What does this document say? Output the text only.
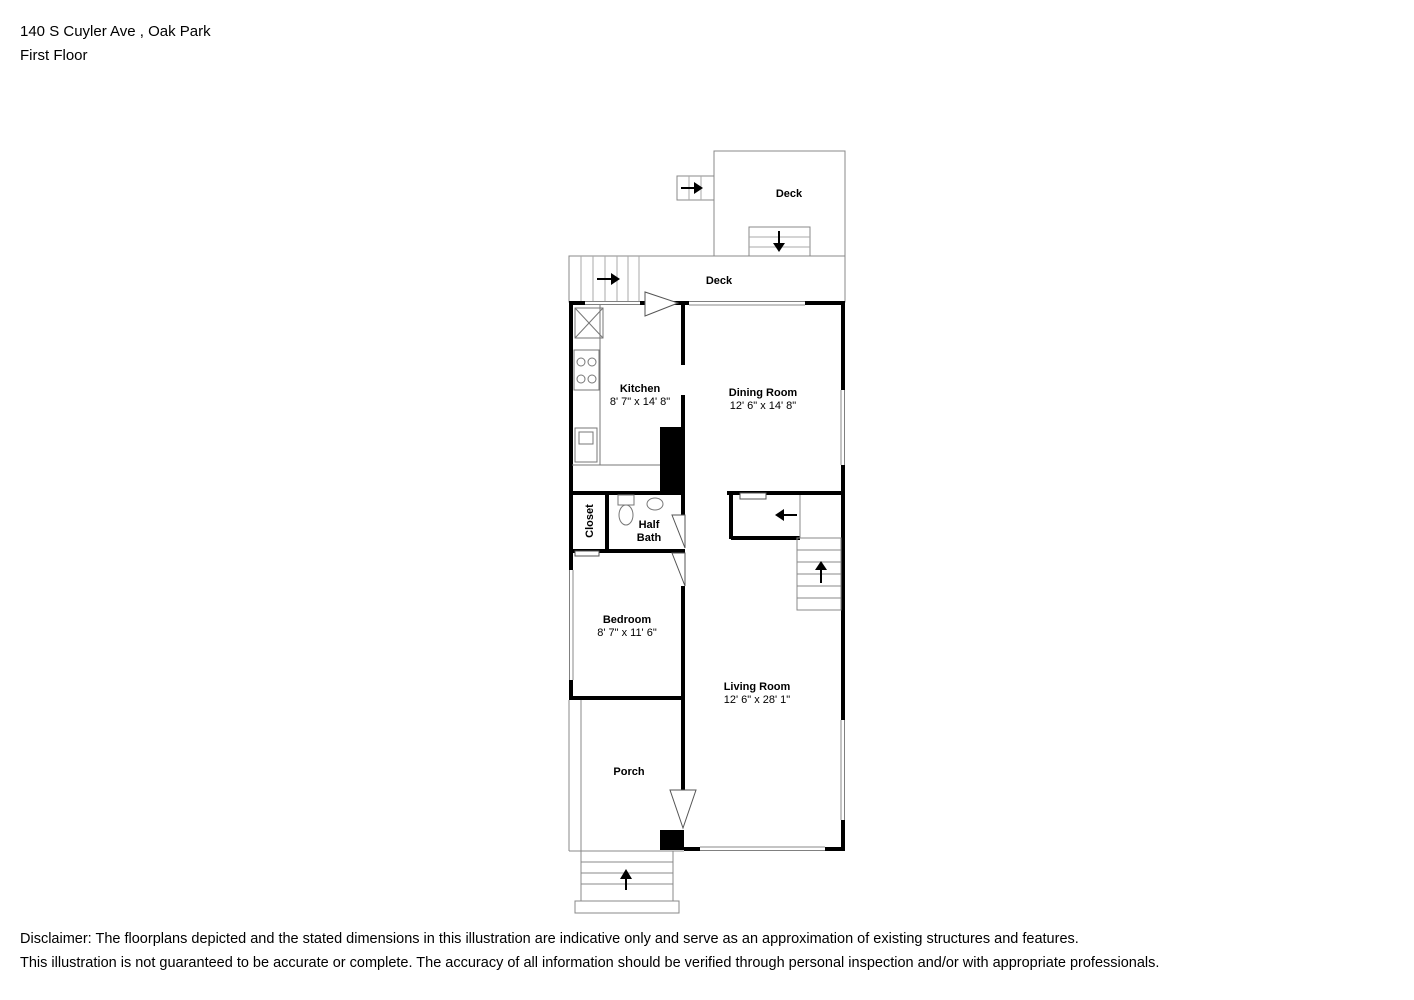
140 S Cuyler Ave , Oak Park
First Floor
Deck
Deck
Kitchen
8' 7" x 14' 8"
Dining Room
12' 6" x 14' 8"
Closet	Half
Bath
Bedroom
8' 7" x 11' 6"
Living Room
12' 6" x 28' 1"
Porch
Disclaimer: The floorplans depicted and the stated dimensions in this illustration are indicative only and serve as an approximation of existing structures and features.
This illustration is not guaranteed to be accurate or complete. The accuracy of all information should be verified through personal inspection and/or with appropriate professionals.
